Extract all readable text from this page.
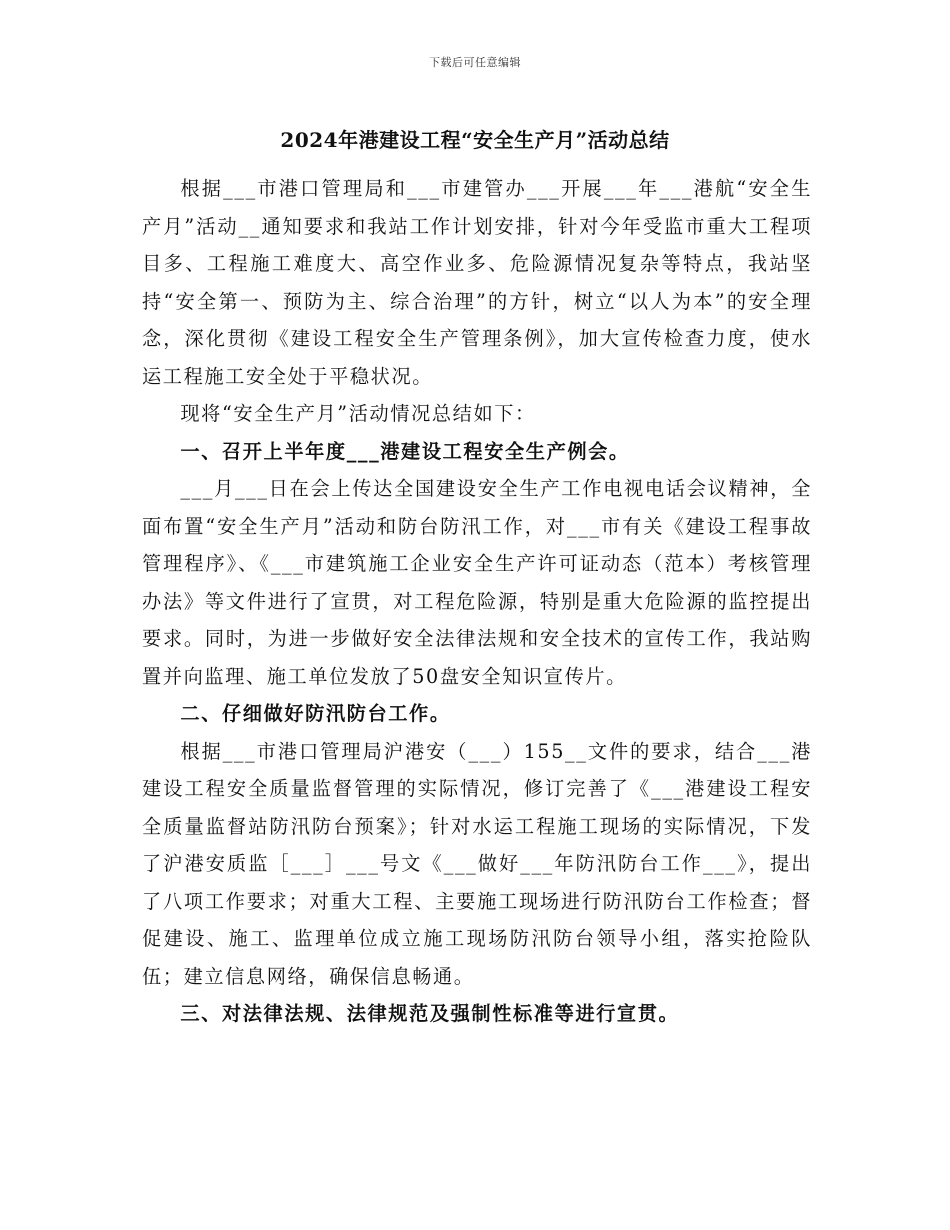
下载后可任意编辑
2024年港建设工程“安全生产月”活动总结

根据___市港口管理局和___市建管办___开展___年___港航“安全生产月”活动__通知要求和我站工作计划安排，针对今年受监市重大工程项目多、工程施工难度大、高空作业多、危险源情况复杂等特点，我站坚持“安全第一、预防为主、综合治理”的方针，树立“以人为本”的安全理念，深化贯彻《建设工程安全生产管理条例》，加大宣传检查力度，使水运工程施工安全处于平稳状况。

现将“安全生产月”活动情况总结如下：

一、召开上半年度___港建设工程安全生产例会。

___月___日在会上传达全国建设安全生产工作电视电话会议精神，全面布置“安全生产月”活动和防台防汛工作，对___市有关《建设工程事故管理程序》、《___市建筑施工企业安全生产许可证动态（范本）考核管理办法》等文件进行了宣贯，对工程危险源，特别是重大危险源的监控提出要求。同时，为进一步做好安全法律法规和安全技术的宣传工作，我站购置并向监理、施工单位发放了50盘安全知识宣传片。

二、仔细做好防汛防台工作。

根据___市港口管理局沪港安（___）155__文件的要求，结合___港建设工程安全质量监督管理的实际情况，修订完善了《___港建设工程安全质量监督站防汛防台预案》；针对水运工程施工现场的实际情况，下发了沪港安质监［___］___号文《___做好___年防汛防台工作___》，提出了八项工作要求；对重大工程、主要施工现场进行防汛防台工作检查；督促建设、施工、监理单位成立施工现场防汛防台领导小组，落实抢险队伍；建立信息网络，确保信息畅通。

三、对法律法规、法律规范及强制性标准等进行宣贯。
